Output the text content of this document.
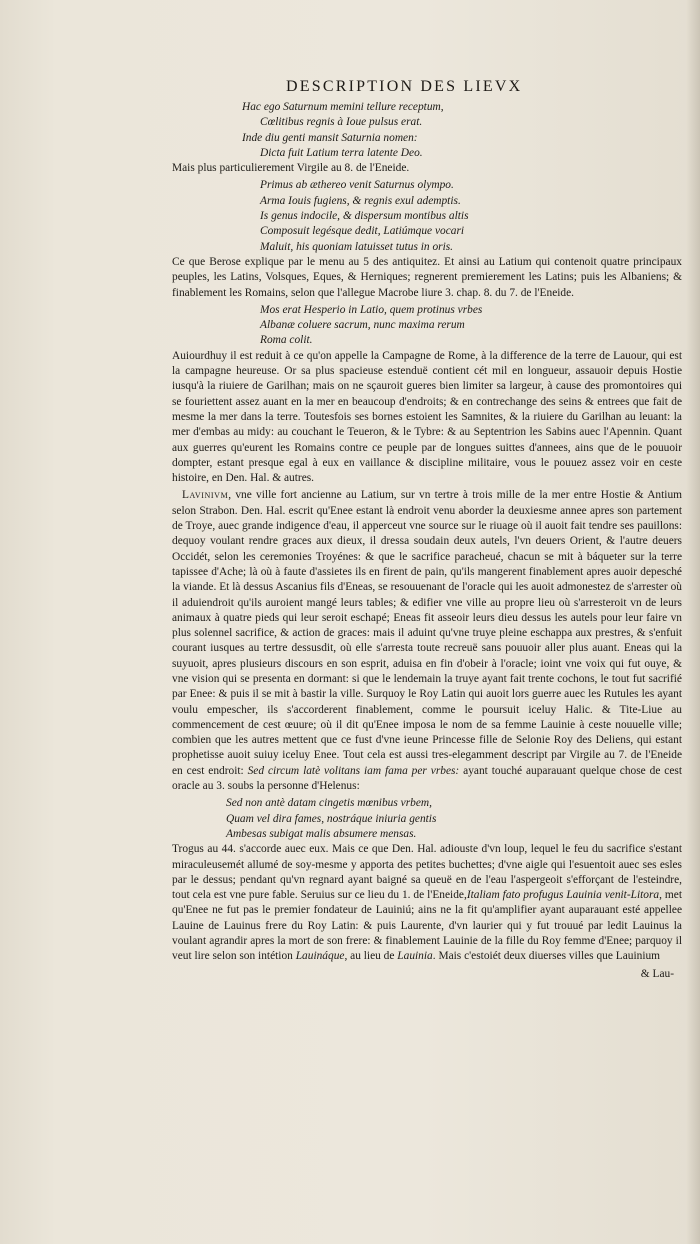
DESCRIPTION DES LIEVX
Hac ego Saturnum memini tellure receptum,
Cœlitibus regnis à Ioue pulsus erat.
Inde diu genti mansit Saturnia nomen:
Dicta fuit Latium terra latente Deo.

Mais plus particulierement Virgile au 8. de l'Eneide.

Primus ab æthereo venit Saturnus olympo.
Arma Iouis fugiens, & regnis exul ademptis.
Is genus indocile, & dispersum montibus altis
Composuit legésque dedit, Latiúmque vocari
Maluit, his quoniam latuisset tutus in oris.

Ce que Berose explique par le menu au 5 des antiquitez. Et ainsi au Latium qui contenoit quatre principaux peuples, les Latins, Volsques, Eques, & Herniques; regnerent premierement les Latins; puis les Albaniens; & finablement les Romains, selon que l'allegue Macrobe liure 3. chap. 8. du 7. de l'Eneide.

Mos erat Hesperio in Latio, quem protinus vrbes
Albanæ coluere sacrum, nunc maxima rerum
Roma colit.

Auiourdhuy il est reduit à ce qu'on appelle la Campagne de Rome, à la difference de la terre de Lauour, qui est la campagne heureuse. Or sa plus spacieuse estenduë contient cét mil en longueur, assauoir depuis Hostie iusqu'à la riuiere de Garilhan; mais on ne sçauroit gueres bien limiter sa largeur, à cause des promontoires qui se fouriettent assez auant en la mer en beaucoup d'endroits; & en contrechange des seins & entrees que fait de mesme la mer dans la terre. Toutesfois ses bornes estoient les Samnites, & la riuiere du Garilhan au leuant: la mer d'embas au midy: au couchant le Teueron, & le Tybre: & au Septentrion les Sabins auec l'Apennin. Quant aux guerres qu'eurent les Romains contre ce peuple par de longues suittes d'annees, ains que de le pouuoir dompter, estant presque egal à eux en vaillance & discipline militaire, vous le pouuez assez voir en ceste histoire, en Den. Hal. & autres.

Lavinivm, vne ville fort ancienne au Latium, sur vn tertre à trois mille de la mer entre Hostie & Antium selon Strabon. Den. Hal. escrit qu'Enee estant là endroit venu aborder la deuxiesme annee apres son partement de Troye, auec grande indigence d'eau, il apperceut vne source sur le riuage où il auoit fait tendre ses pauillons: dequoy voulant rendre graces aux dieux, il dressa soudain deux autels, l'vn deuers Orient, & l'autre deuers Occidét, selon les ceremonies Troyénes: & que le sacrifice paracheué, chacun se mit à báqueter sur la terre tapissee d'Ache; là où à faute d'assietes ils en firent de pain, qu'ils mangerent finablement apres auoir depesché la viande. Et là dessus Ascanius fils d'Eneas, se resouuenant de l'oracle qui les auoit admonestez de s'arrester où il aduiendroit qu'ils auroient mangé leurs tables; & edifier vne ville au propre lieu où s'arresteroit vn de leurs animaux à quatre pieds qui leur seroit eschapé; Eneas fit asseoir leurs dieu dessus les autels pour leur faire vn plus solennel sacrifice, & action de graces: mais il aduint qu'vne truye pleine eschappa aux prestres, & s'enfuit courant iusques au tertre dessusdit, où elle s'arresta toute recreuë sans pouuoir aller plus auant. Eneas qui la suyuoit, apres plusieurs discours en son esprit, aduisa en fin d'obeir à l'oracle; ioint vne voix qui fut ouye, & vne vision qui se presenta en dormant: si que le lendemain la truye ayant fait trente cochons, le tout fut sacrifié par Enee: & puis il se mit à bastir la ville. Surquoy le Roy Latin qui auoit lors guerre auec les Rutules les ayant voulu empescher, ils s'accorderent finablement, comme le poursuit iceluy Halic. & Tite-Liue au commencement de cest œuure; où il dit qu'Enee imposa le nom de sa femme Lauinie à ceste nouuelle ville; combien que les autres mettent que ce fust d'vne ieune Princesse fille de Selonie Roy des Deliens, qui estant prophetisse auoit suiuy iceluy Enee. Tout cela est aussi tres-elegamment descript par Virgile au 7. de l'Eneide en cest endroit: Sed circum latè volitans iam fama per vrbes: ayant touché auparauant quelque chose de cest oracle au 3. soubs la personne d'Helenus:

Sed non antè datam cingetis mœnibus vrbem,
Quam vel dira fames, nostráque iniuria gentis
Ambesas subigat malis absumere mensas.

Trogus au 44. s'accorde auec eux. Mais ce que Den. Hal. adiouste d'vn loup, lequel le feu du sacrifice s'estant miraculeusemét allumé de soy-mesme y apporta des petites buchettes; d'vne aigle qui l'esuentoit auec ses esles par le dessus; pendant qu'vn regnard ayant baigné sa queuë en de l'eau l'aspergeoit s'efforçant de l'esteindre, tout cela est vne pure fable. Seruius sur ce lieu du 1. de l'Eneide,Italiam fato profugus Lauinia venit-Litora, met qu'Enee ne fut pas le premier fondateur de Lauiniú; ains ne la fit qu'amplifier ayant auparauant esté appellee Lauine de Lauinus frere du Roy Latin: & puis Laurente, d'vn laurier qui y fut trouué par ledit Lauinus la voulant agrandir apres la mort de son frere: & finablement Lauinie de la fille du Roy femme d'Enee; parquoy il veut lire selon son intétion Lauináque, au lieu de Lauinia. Mais c'estoiét deux diuerses villes que Lauinium

& Lau-
